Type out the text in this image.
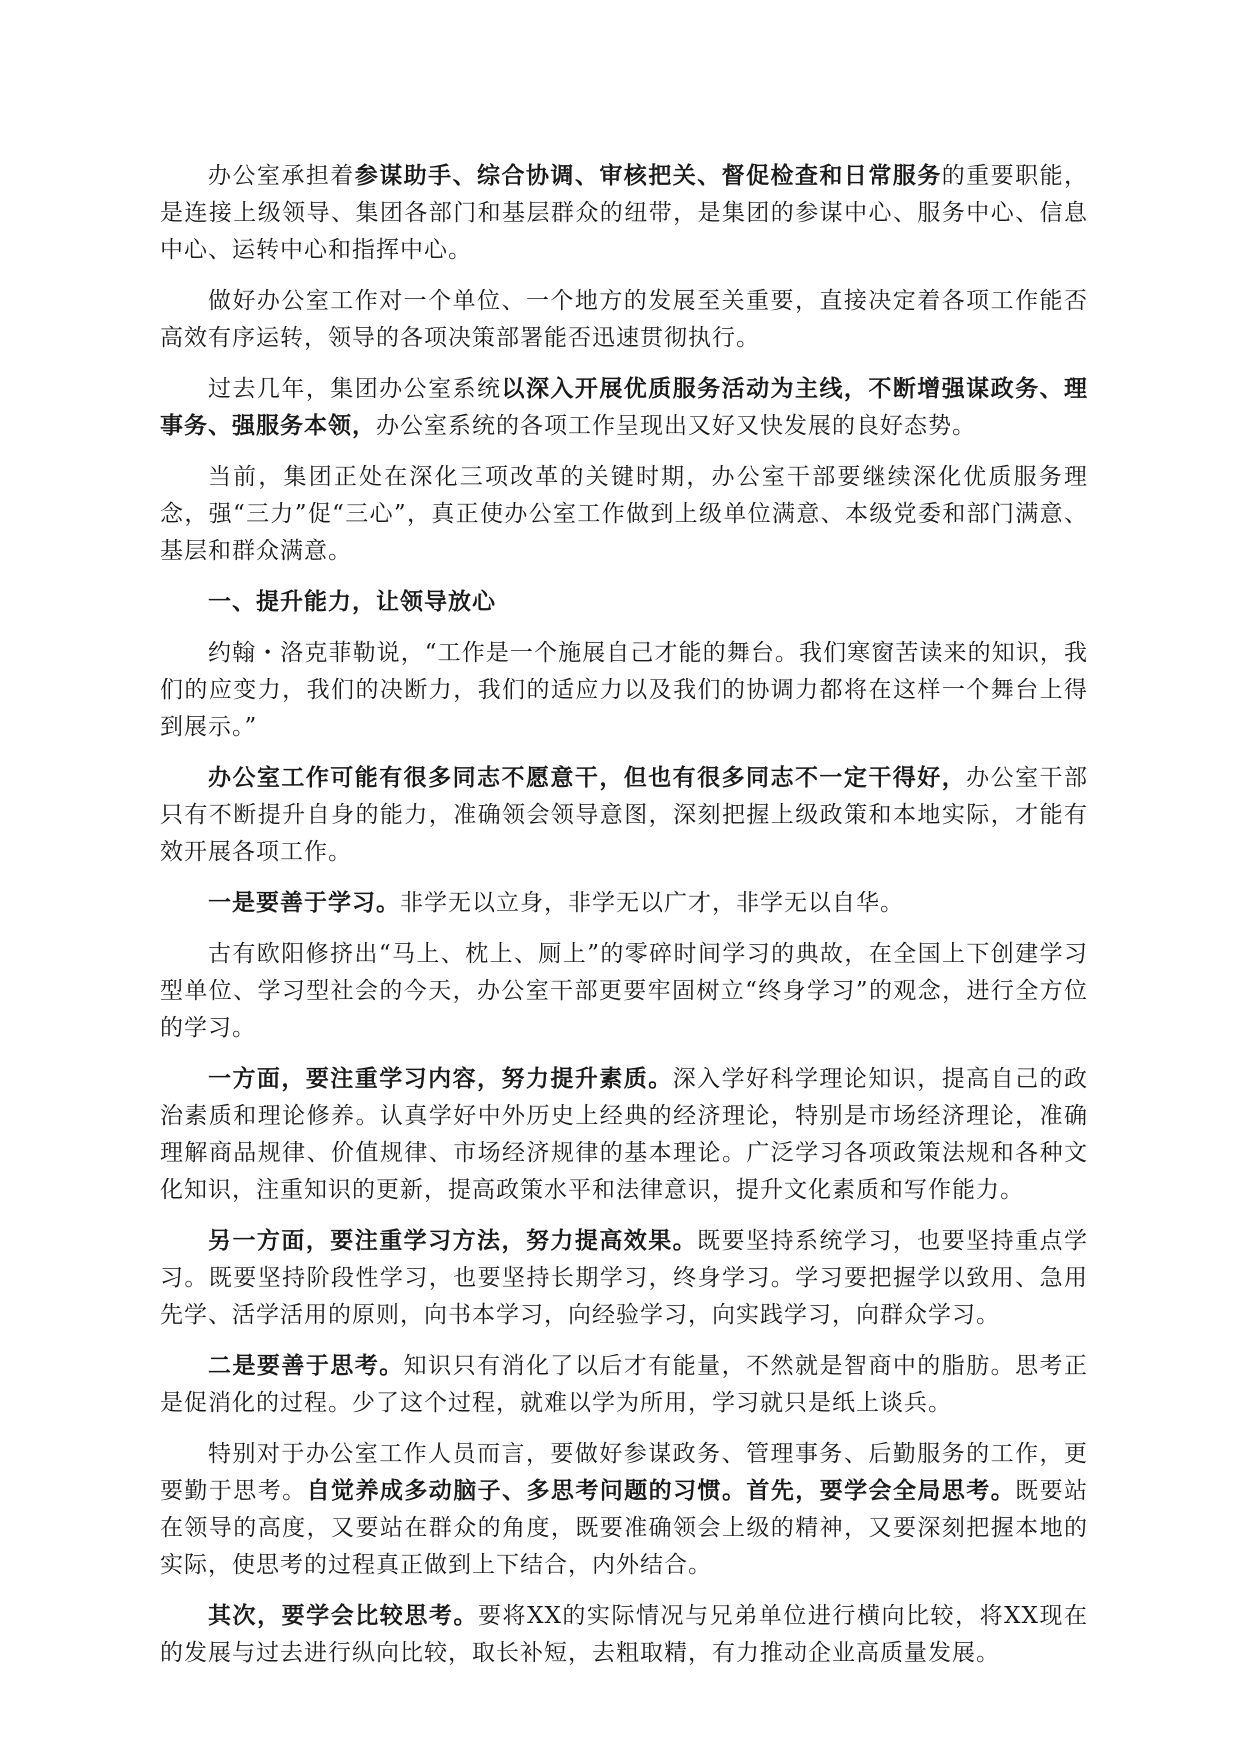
办公室承担着参谋助手、综合协调、审核把关、督促检查和日常服务的重要职能，是连接上级领导、集团各部门和基层群众的纽带，是集团的参谋中心、服务中心、信息中心、运转中心和指挥中心。

做好办公室工作对一个单位、一个地方的发展至关重要，直接决定着各项工作能否高效有序运转，领导的各项决策部署能否迅速贯彻执行。

过去几年，集团办公室系统以深入开展优质服务活动为主线，不断增强谋政务、理事务、强服务本领，办公室系统的各项工作呈现出又好又快发展的良好态势。

当前，集团正处在深化三项改革的关键时期，办公室干部要继续深化优质服务理念，强“三力”促“三心”，真正使办公室工作做到上级单位满意、本级党委和部门满意、基层和群众满意。

一、提升能力，让领导放心

约翰・洛克菲勒说，“工作是一个施展自己才能的舞台。我们寒窗苦读来的知识，我们的应变力，我们的决断力，我们的适应力以及我们的协调力都将在这样一个舞台上得到展示。”

办公室工作可能有很多同志不愿意干，但也有很多同志不一定干得好，办公室干部只有不断提升自身的能力，准确领会领导意图，深刻把握上级政策和本地实际，才能有效开展各项工作。

一是要善于学习。非学无以立身，非学无以广才，非学无以自华。

古有欧阳修挤出“马上、枕上、厕上”的零碎时间学习的典故，在全国上下创建学习型单位、学习型社会的今天，办公室干部更要牢固树立“终身学习”的观念，进行全方位的学习。

一方面，要注重学习内容，努力提升素质。深入学好科学理论知识，提高自己的政治素质和理论修养。认真学好中外历史上经典的经济理论，特别是市场经济理论，准确理解商品规律、价值规律、市场经济规律的基本理论。广泛学习各项政策法规和各种文化知识，注重知识的更新，提高政策水平和法律意识，提升文化素质和写作能力。

另一方面，要注重学习方法，努力提高效果。既要坚持系统学习，也要坚持重点学习。既要坚持阶段性学习，也要坚持长期学习，终身学习。学习要把握学以致用、急用先学、活学活用的原则，向书本学习，向经验学习，向实践学习，向群众学习。

二是要善于思考。知识只有消化了以后才有能量，不然就是智商中的脂肪。思考正是促消化的过程。少了这个过程，就难以学为所用，学习就只是纸上谈兵。

特别对于办公室工作人员而言，要做好参谋政务、管理事务、后勤服务的工作，更要勤于思考。自觉养成多动脑子、多思考问题的习惯。首先，要学会全局思考。既要站在领导的高度，又要站在群众的角度，既要准确领会上级的精神，又要深刻把握本地的实际，使思考的过程真正做到上下结合，内外结合。

其次，要学会比较思考。要将XX的实际情况与兄弟单位进行横向比较，将XX现在的发展与过去进行纵向比较，取长补短，去粗取精，有力推动企业高质量发展。
